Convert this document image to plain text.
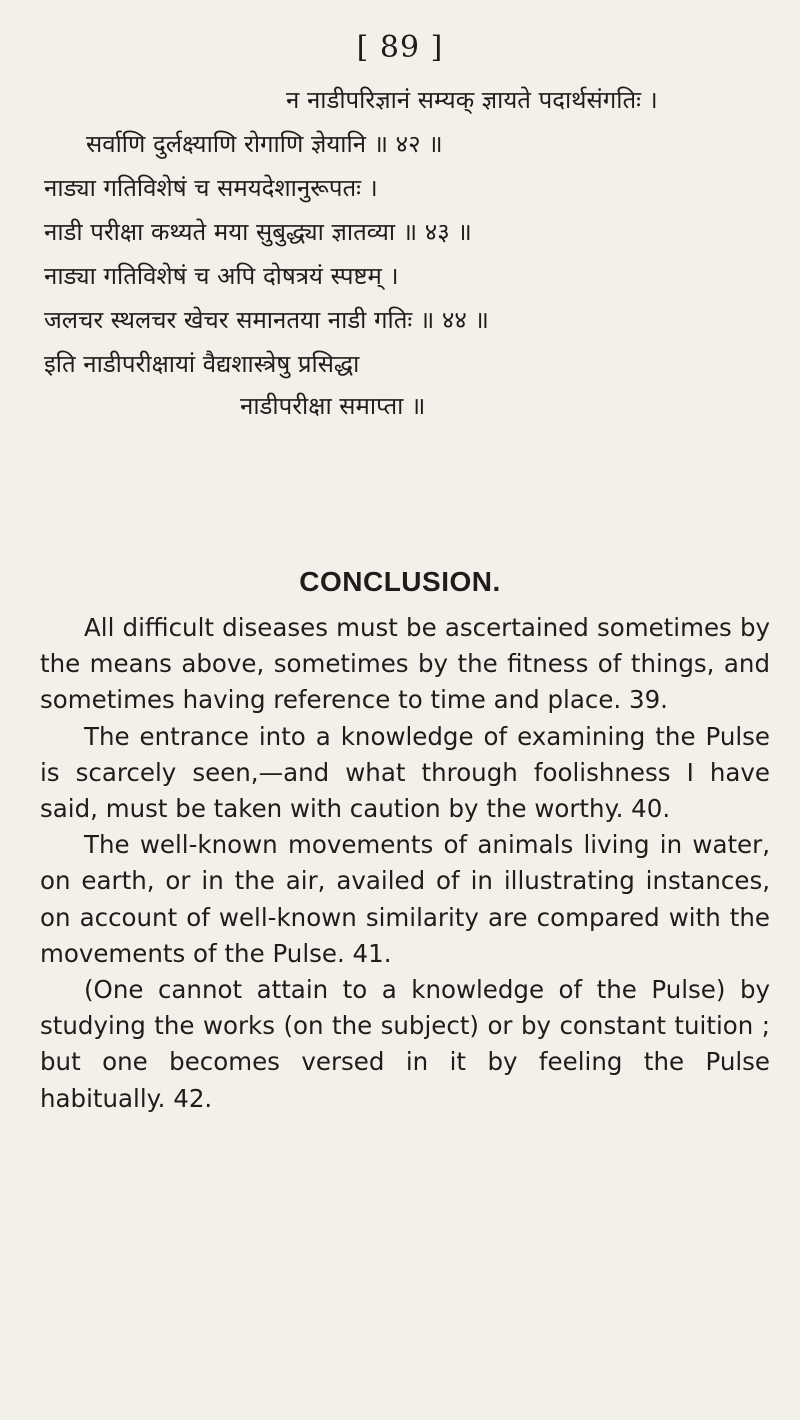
[ 89 ]
न नाडीपरिज्ञानं सम्यक् ज्ञायते पदार्थसंगतिः ।
सर्वाणि दुर्लक्ष्याणि रोगाणि ज्ञेयानि ॥ ४२ ॥
नाड्या गतिविशेषं च समयदेशानुरूपतः ।
नाडी परीक्षा कथ्यते मया सुबुद्ध्या ज्ञातव्या ॥ ४३ ॥
नाड्या गतिविशेषं च अपि दोषत्रयं स्पष्टम् ।
जलचर स्थलचर खेचर समानतया नाडी गतिः ॥ ४४ ॥
इति नाडीपरीक्षायां वैद्यशास्त्रेषु प्रसिद्धा
नाडीपरीक्षा समाप्ता ॥
CONCLUSION.

All difficult diseases must be ascertained sometimes by the means above, sometimes by the fitness of things, and sometimes having reference to time and place. 39.

The entrance into a knowledge of examining the Pulse is scarcely seen,—and what through foolishness I have said, must be taken with caution by the worthy. 40.

The well-known movements of animals living in water, on earth, or in the air, availed of in illustrating instances, on account of well-known similarity are compared with the movements of the Pulse. 41.

(One cannot attain to a knowledge of the Pulse) by studying the works (on the subject) or by constant tuition ; but one becomes versed in it by feeling the Pulse habitually. 42.
